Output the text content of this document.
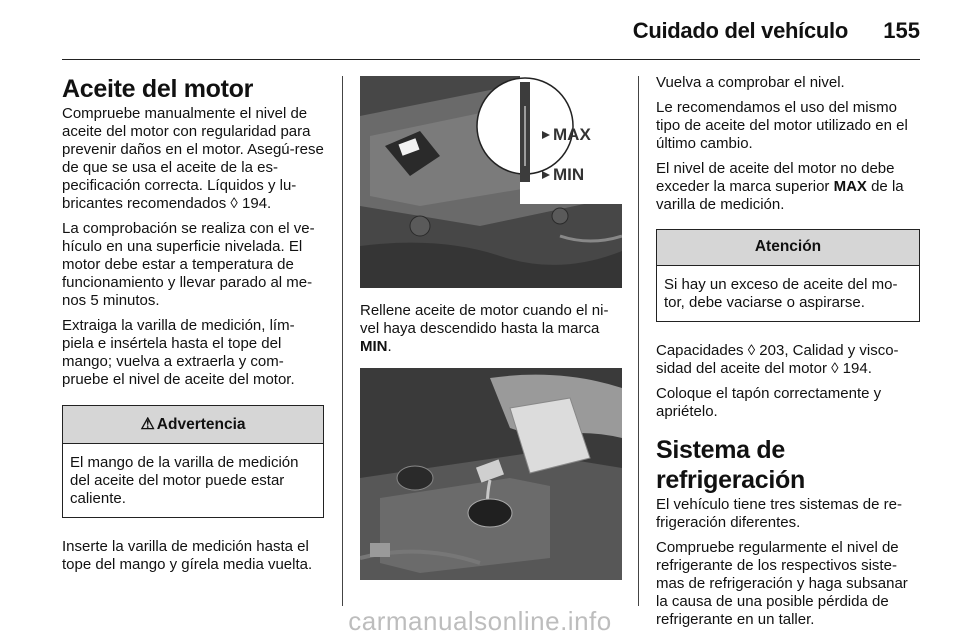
Cuidado del vehículo 155
Aceite del motor

Compruebe manualmente el nivel de aceite del motor con regularidad para prevenir daños en el motor. Asegú-rese de que se usa el aceite de la es-pecificación correcta. Líquidos y lu-bricantes recomendados ◊ 194.

La comprobación se realiza con el ve-hículo en una superficie nivelada. El motor debe estar a temperatura de funcionamiento y llevar parado al me-nos 5 minutos.

Extraiga la varilla de medición, lím-piela e insértela hasta el tope del mango; vuelva a extraerla y com-pruebe el nivel de aceite del motor.

⚠ Advertencia
El mango de la varilla de medición del aceite del motor puede estar caliente.

Inserte la varilla de medición hasta el tope del mango y gírela media vuelta.

MAX
MIN

Rellene aceite de motor cuando el ni-vel haya descendido hasta la marca MIN.

Vuelva a comprobar el nivel.

Le recomendamos el uso del mismo tipo de aceite del motor utilizado en el último cambio.

El nivel de aceite del motor no debe exceder la marca superior MAX de la varilla de medición.

Atención
Si hay un exceso de aceite del mo-tor, debe vaciarse o aspirarse.

Capacidades ◊ 203, Calidad y visco-sidad del aceite del motor ◊ 194.

Coloque el tapón correctamente y apriételo.

Sistema de refrigeración

El vehículo tiene tres sistemas de re-frigeración diferentes.

Compruebe regularmente el nivel de refrigerante de los respectivos siste-mas de refrigeración y haga subsanar la causa de una posible pérdida de refrigerante en un taller.

carmanualsonline.info
